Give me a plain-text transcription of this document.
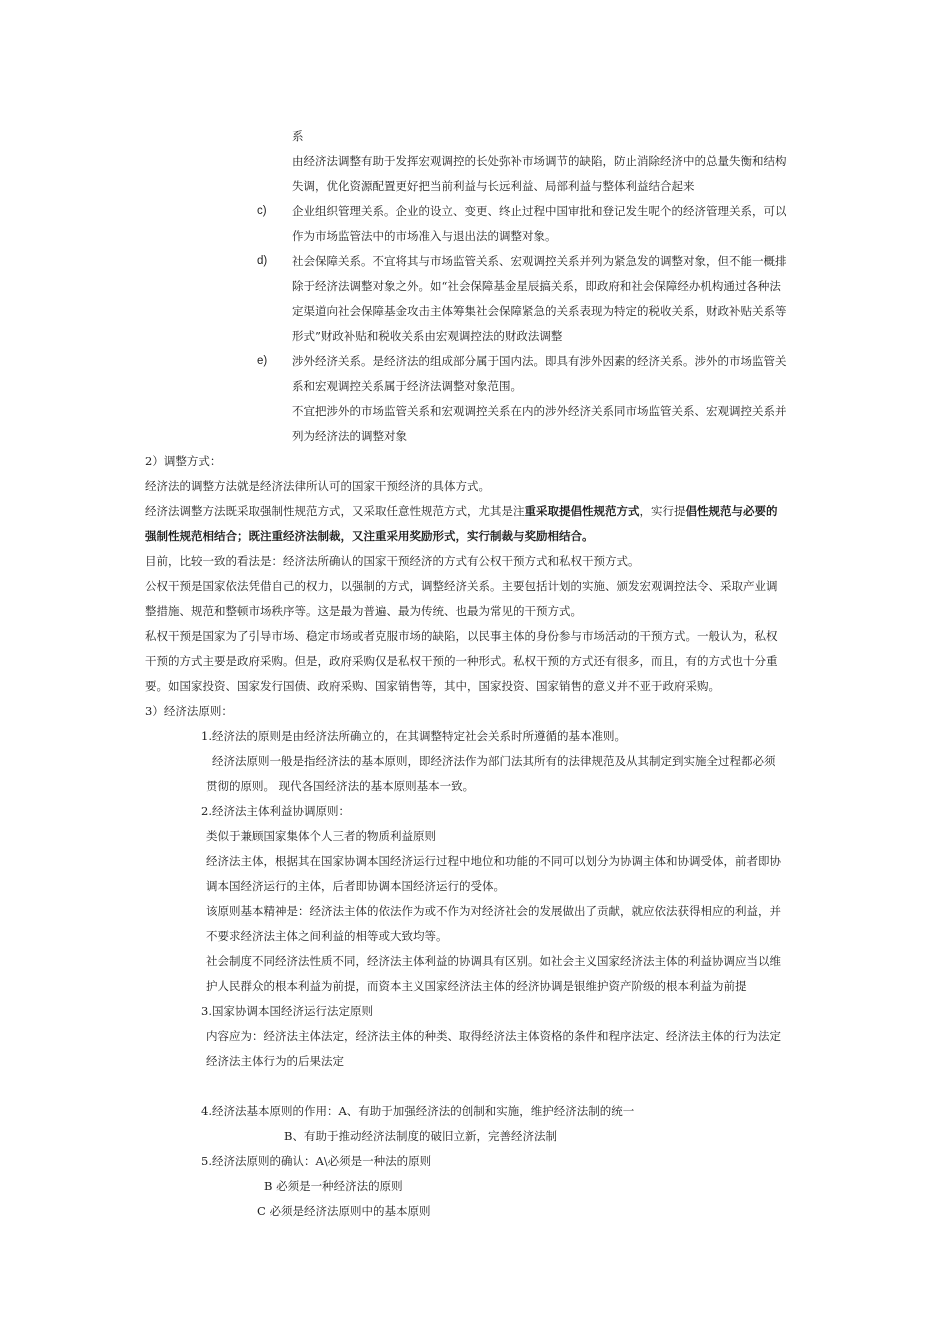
系
由经济法调整有助于发挥宏观调控的长处弥补市场调节的缺陷，防止消除经济中的总量失衡和结构
失调，优化资源配置更好把当前利益与长远利益、局部利益与整体利益结合起来
c) 企业组织管理关系。企业的设立、变更、终止过程中国审批和登记发生呢个的经济管理关系，可以
作为市场监管法中的市场准入与退出法的调整对象。
d) 社会保障关系。不宜将其与市场监管关系、宏观调控关系并列为紧急发的调整对象，但不能一概排
除于经济法调整对象之外。如“社会保障基金星辰搞关系，即政府和社会保障经办机构通过各种法
定渠道向社会保障基金攻击主体筹集社会保障紧急的关系表现为特定的税收关系，财政补贴关系等
形式”财政补贴和税收关系由宏观调控法的财政法调整
e) 涉外经济关系。是经济法的组成部分属于国内法。即具有涉外因素的经济关系。涉外的市场监管关
系和宏观调控关系属于经济法调整对象范围。
不宜把涉外的市场监管关系和宏观调控关系在内的涉外经济关系同市场监管关系、宏观调控关系并
列为经济法的调整对象
2）调整方式：
经济法的调整方法就是经济法律所认可的国家干预经济的具体方式。
经济法调整方法既采取强制性规范方式，又采取任意性规范方式，尤其是注重采取提倡性规范方式，实行提倡性规范与必要的
强制性规范相结合；既注重经济法制裁，又注重采用奖励形式，实行制裁与奖励相结合。
目前，比较一致的看法是：经济法所确认的国家干预经济的方式有公权干预方式和私权干预方式。
公权干预是国家依法凭借自己的权力，以强制的方式，调整经济关系。主要包括计划的实施、颁发宏观调控法令、采取产业调
整措施、规范和整顿市场秩序等。这是最为普遍、最为传统、也最为常见的干预方式。
私权干预是国家为了引导市场、稳定市场或者克服市场的缺陷，以民事主体的身份参与市场活动的干预方式。一般认为，私权
干预的方式主要是政府采购。但是，政府采购仅是私权干预的一种形式。私权干预的方式还有很多，而且，有的方式也十分重
要。如国家投资、国家发行国债、政府采购、国家销售等，其中，国家投资、国家销售的意义并不亚于政府采购。
3）经济法原则：
1.经济法的原则是由经济法所确立的，在其调整特定社会关系时所遵循的基本准则。
经济法原则一般是指经济法的基本原则，即经济法作为部门法其所有的法律规范及从其制定到实施全过程都必须
贯彻的原则。 现代各国经济法的基本原则基本一致。
2.经济法主体利益协调原则：
类似于兼顾国家集体个人三者的物质利益原则
经济法主体，根据其在国家协调本国经济运行过程中地位和功能的不同可以划分为协调主体和协调受体，前者即协
调本国经济运行的主体，后者即协调本国经济运行的受体。
该原则基本精神是：经济法主体的依法作为或不作为对经济社会的发展做出了贡献，就应依法获得相应的利益，并
不要求经济法主体之间利益的相等或大致均等。
社会制度不同经济法性质不同，经济法主体利益的协调具有区别。如社会主义国家经济法主体的利益协调应当以维
护人民群众的根本利益为前提，而资本主义国家经济法主体的经济协调是银维护资产阶级的根本利益为前提
3.国家协调本国经济运行法定原则
内容应为：经济法主体法定，经济法主体的种类、取得经济法主体资格的条件和程序法定、经济法主体的行为法定
经济法主体行为的后果法定
4.经济法基本原则的作用：A、有助于加强经济法的创制和实施，维护经济法制的统一
B、有助于推动经济法制度的破旧立新，完善经济法制
5.经济法原则的确认：A\必须是一种法的原则
B 必须是一种经济法的原则
C 必须是经济法原则中的基本原则
